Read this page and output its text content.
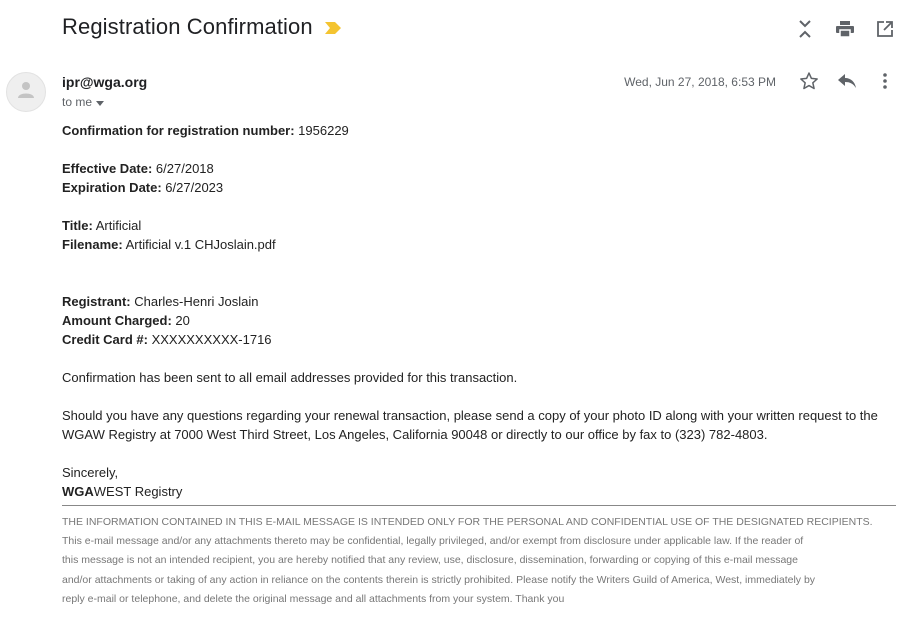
Registration Confirmation
ipr@wga.org
to me
Wed, Jun 27, 2018, 6:53 PM

Confirmation for registration number: 1956229

Effective Date: 6/27/2018

Expiration Date: 6/27/2023

Title: Artificial

Filename: Artificial v.1 CHJoslain.pdf

Registrant: Charles-Henri Joslain

Amount Charged: 20

Credit Card #: XXXXXXXXXX-1716

Confirmation has been sent to all email addresses provided for this transaction.

Should you have any questions regarding your renewal transaction, please send a copy of your photo ID along with your written request to the

WGAW Registry at 7000 West Third Street, Los Angeles, California 90048 or directly to our office by fax to (323) 782-4803.

Sincerely,

WGAWEST Registry

THE INFORMATION CONTAINED IN THIS E-MAIL MESSAGE IS INTENDED ONLY FOR THE PERSONAL AND CONFIDENTIAL USE OF THE DESIGNATED RECIPIENTS.
This e-mail message and/or any attachments thereto may be confidential, legally privileged, and/or exempt from disclosure under applicable law. If the reader of
this message is not an intended recipient, you are hereby notified that any review, use, disclosure, dissemination, forwarding or copying of this e-mail message
and/or attachments or taking of any action in reliance on the contents therein is strictly prohibited. Please notify the Writers Guild of America, West, immediately by
reply e-mail or telephone, and delete the original message and all attachments from your system. Thank you
